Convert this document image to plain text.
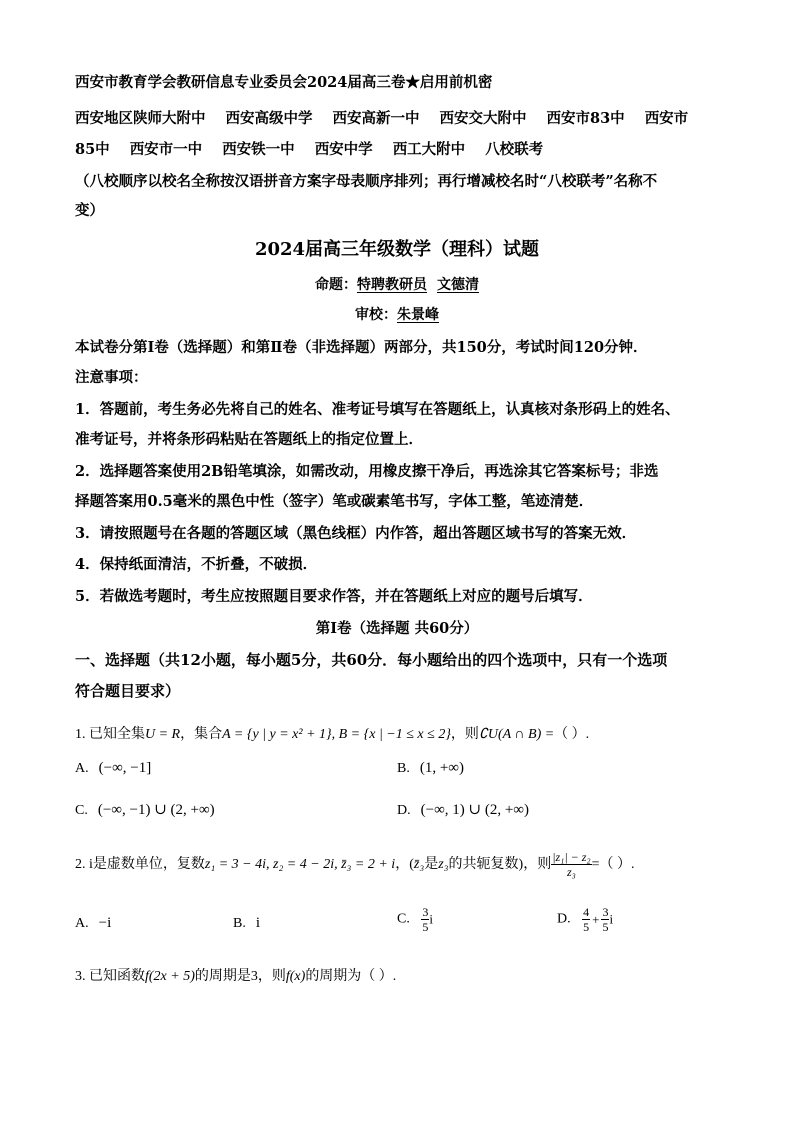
西安市教育学会教研信息专业委员会2024届高三卷★启用前机密
西安地区陕师大附中 西安高级中学 西安高新一中 西安交大附中 西安市83中 西安市
85中 西安市一中 西安铁一中 西安中学 西工大附中 八校联考
（八校顺序以校名全称按汉语拼音方案字母表顺序排列；再行增减校名时“八校联考”名称不
变）
2024届高三年级数学（理科）试题
命题：特聘教研员 文德清
审校：朱景峰
本试卷分第Ⅰ卷（选择题）和第Ⅱ卷（非选择题）两部分，共150分，考试时间120分钟．
注意事项：
1．答题前，考生务必先将自己的姓名、准考证号填写在答题纸上，认真核对条形码上的姓名、
准考证号，并将条形码粘贴在答题纸上的指定位置上．
2．选择题答案使用2B铅笔填涂，如需改动，用橡皮擦干净后，再选涂其它答案标号；非选
择题答案用0.5毫米的黑色中性（签字）笔或碳素笔书写，字体工整，笔迹清楚．
3．请按照题号在各题的答题区域（黑色线框）内作答，超出答题区域书写的答案无效．
4．保持纸面清洁，不折叠，不破损．
5．若做选考题时，考生应按照题目要求作答，并在答题纸上对应的题号后填写．
第Ⅰ卷（选择题 共60分）
一、选择题（共12小题，每小题5分，共60分．每小题给出的四个选项中，只有一个选项
符合题目要求）
1. 已知全集U = R，集合A = {y | y = x² + 1}, B = {x | −1 ≤ x ≤ 2}，则∁U(A ∩ B) =（ ）.
A. (−∞, −1]	B. (1, +∞)
C. (−∞, −1) ∪ (2, +∞)	D. (−∞, 1) ∪ (2, +∞)
2. i是虚数单位，复数z₁ = 3 − 4i, z₂ = 4 − 2i, z̄₃ = 2 + i，(z̄₃是z₃的共轭复数)，则 $\frac{\text{|z₁| − z₂}}{\text{z₃}}$ =（ ）.
A. −i	B. i	C. $\frac{3}{5}$ i	D. $\frac{4}{5} + \frac{3}{5}$ i
3. 已知函数f(2x + 5)的周期是3，则f(x)的周期为（ ）.
